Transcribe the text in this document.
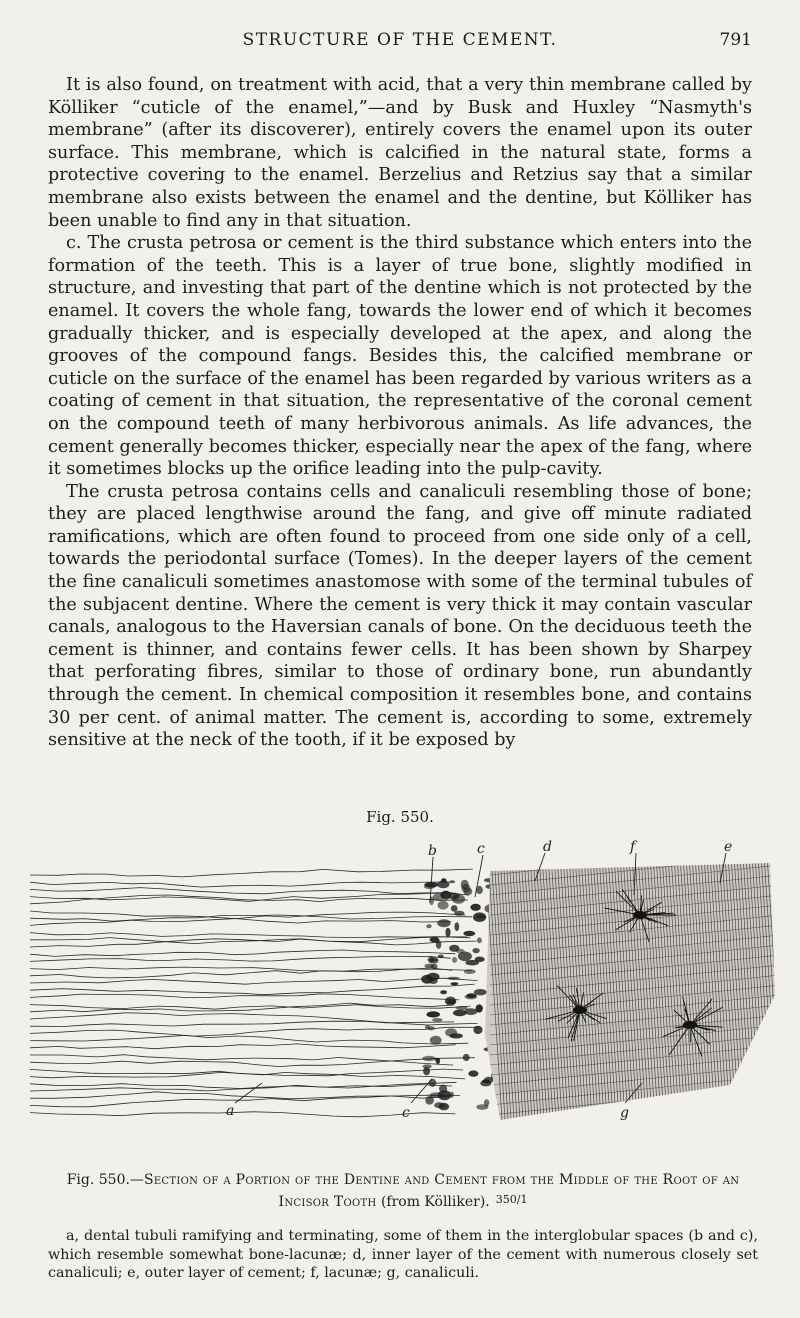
STRUCTURE OF THE CEMENT.	791

It is also found, on treatment with acid, that a very thin membrane called by Kölliker “cuticle of the enamel,”—and by Busk and Huxley “Nasmyth's membrane” (after its discoverer), entirely covers the enamel upon its outer surface. This membrane, which is calcified in the natural state, forms a protective covering to the enamel. Berzelius and Retzius say that a similar membrane also exists between the enamel and the dentine, but Kölliker has been unable to find any in that situation.

c. The crusta petrosa or cement is the third substance which enters into the formation of the teeth. This is a layer of true bone, slightly modified in structure, and investing that part of the dentine which is not protected by the enamel. It covers the whole fang, towards the lower end of which it becomes gradually thicker, and is especially developed at the apex, and along the grooves of the compound fangs. Besides this, the calcified membrane or cuticle on the surface of the enamel has been regarded by various writers as a coating of cement in that situation, the representative of the coronal cement on the compound teeth of many herbivorous animals. As life advances, the cement generally becomes thicker, especially near the apex of the fang, where it sometimes blocks up the orifice leading into the pulp-cavity.

The crusta petrosa contains cells and canaliculi resembling those of bone; they are placed lengthwise around the fang, and give off minute radiated ramifications, which are often found to proceed from one side only of a cell, towards the periodontal surface (Tomes). In the deeper layers of the cement the fine canaliculi sometimes anastomose with some of the terminal tubules of the subjacent dentine. Where the cement is very thick it may contain vascular canals, analogous to the Haversian canals of bone. On the deciduous teeth the cement is thinner, and contains fewer cells. It has been shown by Sharpey that perforating fibres, similar to those of ordinary bone, run abundantly through the cement. In chemical composition it resembles bone, and contains 30 per cent. of animal matter. The cement is, according to some, extremely sensitive at the neck of the tooth, if it be exposed by

Fig. 550.
b	c	d	f	e
a	c	g
Fig. 550.—Section of a Portion of the Dentine and Cement from the Middle of the Root of an Incisor Tooth (from Kölliker). $^{350/1}$
a, dental tubuli ramifying and terminating, some of them in the interglobular spaces (b and c), which resemble somewhat bone-lacunæ; d, inner layer of the cement with numerous closely set canaliculi; e, outer layer of cement; f, lacunæ; g, canaliculi.
